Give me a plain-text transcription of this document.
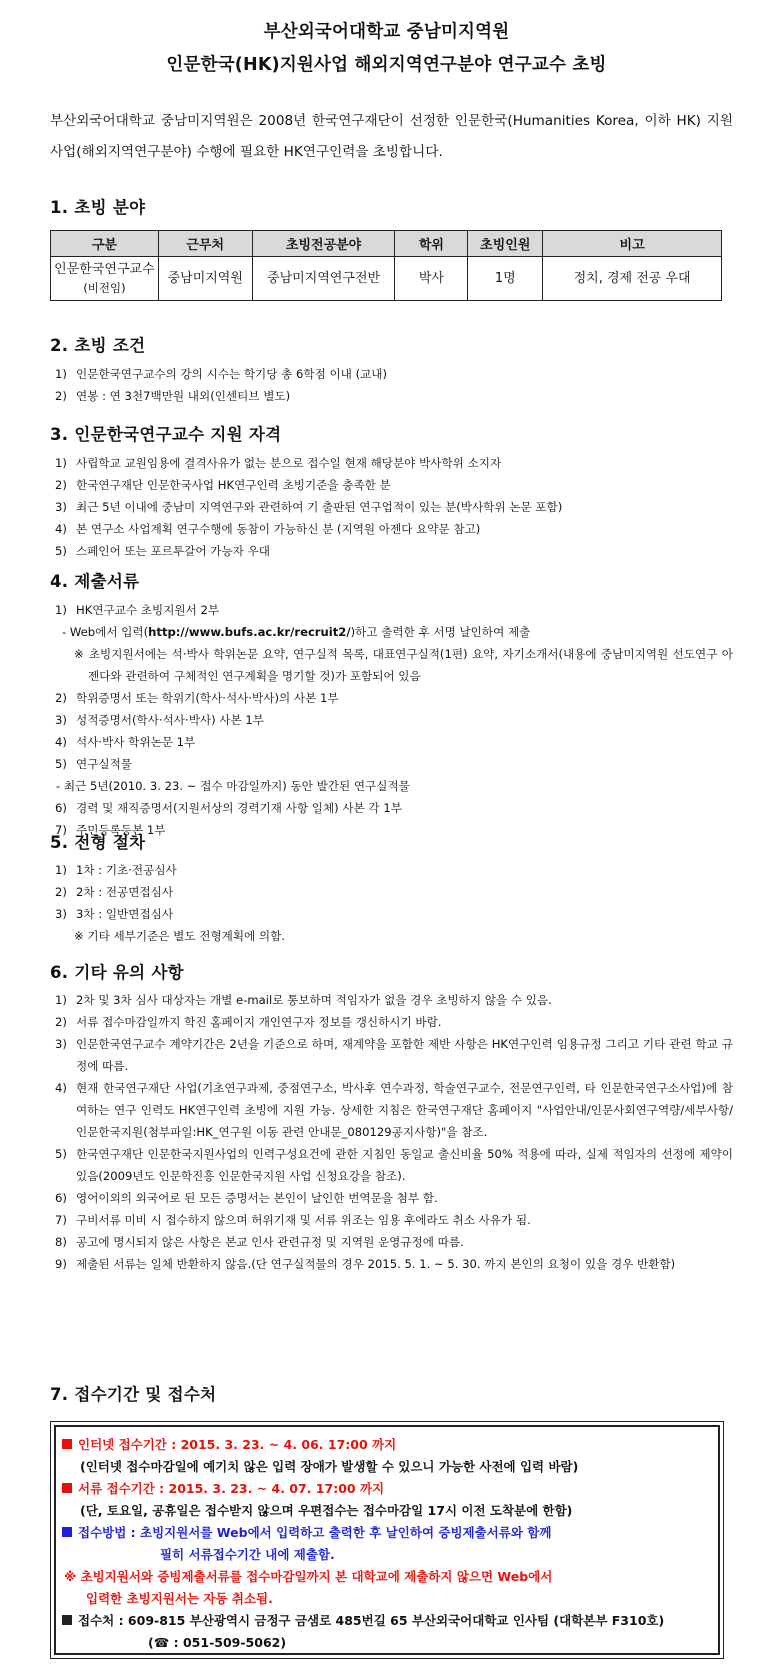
부산외국어대학교 중남미지역원
인문한국(HK)지원사업 해외지역연구분야 연구교수 초빙

부산외국어대학교 중남미지역원은 2008년 한국연구재단이 선정한 인문한국(Humanities Korea, 이하 HK) 지원사업(해외지역연구분야) 수행에 필요한 HK연구인력을 초빙합니다.

1. 초빙 분야
구분	근무처	초빙전공분야	학위	초빙인원	비고

인문한국연구교수
(비전임)	중남미지역원	중남미지역연구전반	박사	1명	정치, 경제 전공 우대
2. 초빙 조건
1) 인문한국연구교수의 강의 시수는 학기당 총 6학점 이내 (교내)
2) 연봉 : 연 3천7백만원 내외(인센티브 별도)
3. 인문한국연구교수 지원 자격
1) 사립학교 교원임용에 결격사유가 없는 분으로 접수일 현재 해당분야 박사학위 소지자
2) 한국연구재단 인문한국사업 HK연구인력 초빙기준을 충족한 분
3) 최근 5년 이내에 중남미 지역연구와 관련하여 기 출판된 연구업적이 있는 분(박사학위 논문 포함)
4) 본 연구소 사업계획 연구수행에 동참이 가능하신 분 (지역원 아젠다 요약문 참고)
5) 스페인어 또는 포르투갈어 가능자 우대
4. 제출서류
1) HK연구교수 초빙지원서 2부
- Web에서 입력(http://www.bufs.ac.kr/recruit2/)하고 출력한 후 서명 날인하여 제출
※ 초빙지원서에는 석·박사 학위논문 요약, 연구실적 목록, 대표연구실적(1편) 요약, 자기소개서(내용에 중남미지역원 선도연구 아젠다와 관련하여 구체적인 연구계획을 명기할 것)가 포함되어 있음
2) 학위증명서 또는 학위기(학사·석사·박사)의 사본 1부
3) 성적증명서(학사·석사·박사) 사본 1부
4) 석사·박사 학위논문 1부
5) 연구실적물
- 최근 5년(2010. 3. 23. ~ 접수 마감일까지) 동안 발간된 연구실적물
6) 경력 및 재직증명서(지원서상의 경력기재 사항 일체) 사본 각 1부
7) 주민등록등본 1부
5. 전형 절차
1) 1차 : 기초·전공심사
2) 2차 : 전공면접심사
3) 3차 : 일반면접심사
※ 기타 세부기준은 별도 전형계획에 의함.
6. 기타 유의 사항
1) 2차 및 3차 심사 대상자는 개별 e-mail로 통보하며 적임자가 없을 경우 초빙하지 않을 수 있음.
2) 서류 접수마감일까지 학진 홈페이지 개인연구자 정보를 갱신하시기 바람.
3) 인문한국연구교수 계약기간은 2년을 기준으로 하며, 재계약을 포함한 제반 사항은 HK연구인력 임용규정 그리고 기타 관련 학교 규정에 따름.
4) 현재 한국연구재단 사업(기초연구과제, 중점연구소, 박사후 연수과정, 학술연구교수, 전문연구인력, 타 인문한국연구소사업)에 참여하는 연구 인력도 HK연구인력 초빙에 지원 가능. 상세한 지침은 한국연구재단 홈페이지 "사업안내/인문사회연구역량/세부사항/인문한국지원(첨부파일:HK_연구원 이동 관련 안내문_080129공지사항)"을 참조.
5) 한국연구재단 인문한국지원사업의 인력구성요건에 관한 지침인 동일교 출신비율 50% 적용에 따라, 실제 적임자의 선정에 제약이 있음(2009년도 인문학진흥 인문한국지원 사업 신청요강을 참조).
6) 영어이외의 외국어로 된 모든 증명서는 본인이 날인한 번역문을 첨부 함.
7) 구비서류 미비 시 접수하지 않으며 허위기재 및 서류 위조는 임용 후에라도 취소 사유가 됨.
8) 공고에 명시되지 않은 사항은 본교 인사 관련규정 및 지역원 운영규정에 따름.
9) 제출된 서류는 일체 반환하지 않음.(단 연구실적물의 경우 2015. 5. 1. ~ 5. 30. 까지 본인의 요청이 있을 경우 반환함)
7. 접수기간 및 접수처
인터넷 접수기간 : 2015. 3. 23. ~ 4. 06. 17:00 까지
(인터넷 접수마감일에 예기치 않은 입력 장애가 발생할 수 있으니 가능한 사전에 입력 바람)
서류 접수기간 : 2015. 3. 23. ~ 4. 07. 17:00 까지
(단, 토요일, 공휴일은 접수받지 않으며 우편접수는 접수마감일 17시 이전 도착분에 한함)
접수방법 : 초빙지원서를 Web에서 입력하고 출력한 후 날인하여 증빙제출서류와 함께
필히 서류접수기간 내에 제출함.
※ 초빙지원서와 증빙제출서류를 접수마감일까지 본 대학교에 제출하지 않으면 Web에서
입력한 초빙지원서는 자동 취소됨.
접수처 : 609-815 부산광역시 금정구 금샘로 485번길 65 부산외국어대학교 인사팀 (대학본부 F310호)
(☎ : 051-509-5062)
